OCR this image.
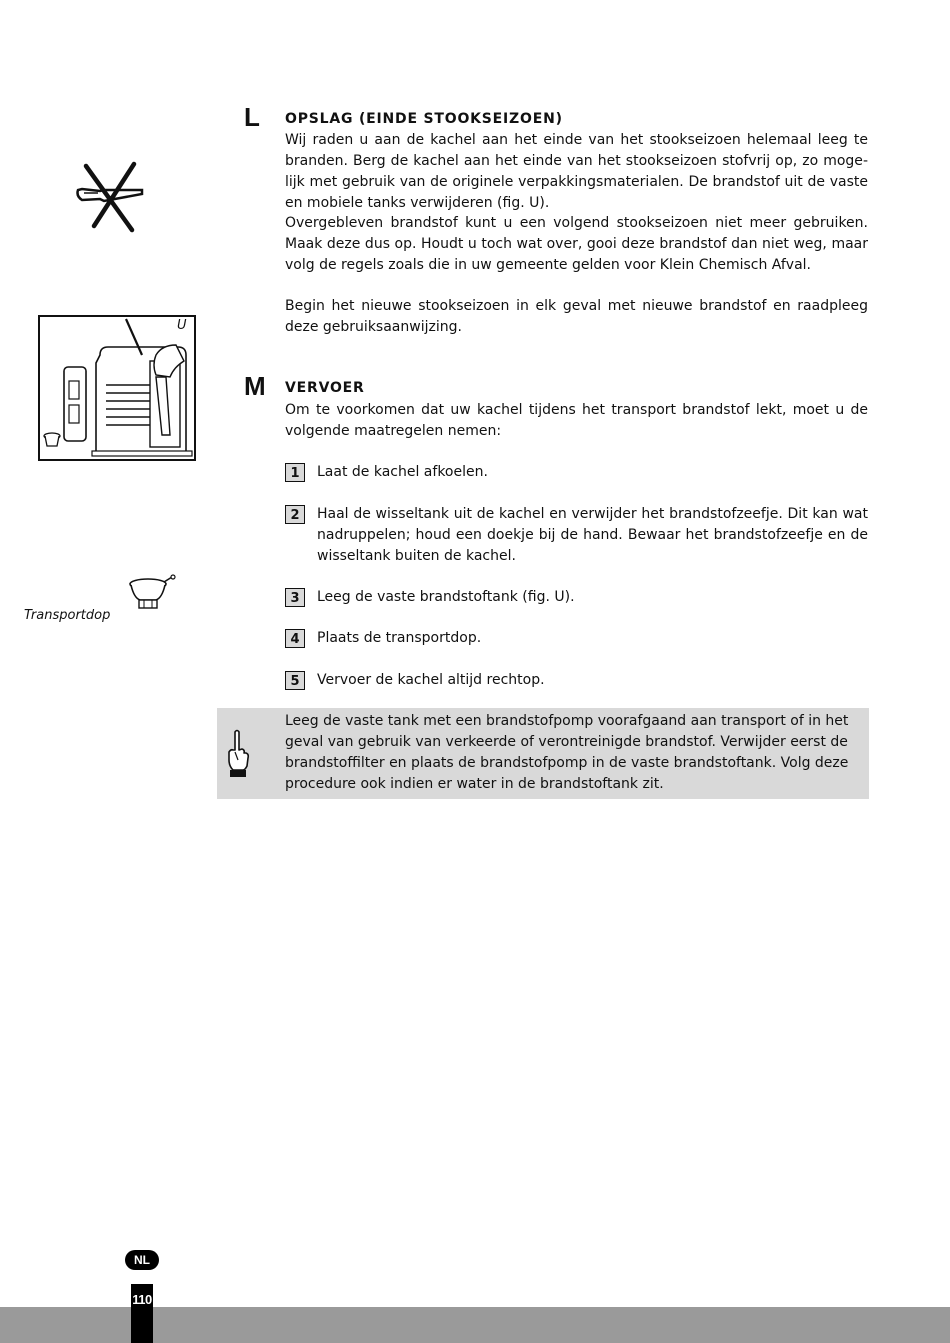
U
Transportdop
L OPSLAG (EINDE STOOKSEIZOEN)

Wij raden u aan de kachel aan het einde van het stookseizoen helemaal leeg te branden. Berg de kachel aan het einde van het stookseizoen stofvrij op, zo mogelijk met gebruik van de originele verpakkingsmaterialen. De brandstof uit de vaste en mobiele tanks verwijderen (fig. U).

Overgebleven brandstof kunt u een volgend stookseizoen niet meer gebruiken. Maak deze dus op. Houdt u toch wat over, gooi deze brandstof dan niet weg, maar volg de regels zoals die in uw gemeente gelden voor Klein Chemisch Afval.

Begin het nieuwe stookseizoen in elk geval met nieuwe brandstof en raadpleeg deze gebruiksaanwijzing.

M VERVOER

Om te voorkomen dat uw kachel tijdens het transport brandstof lekt, moet u de volgende maatregelen nemen:

1	Laat de kachel afkoelen.
2	Haal de wisseltank uit de kachel en verwijder het brandstofzeefje. Dit kan wat nadruppelen; houd een doekje bij de hand. Bewaar het brandstofzeefje en de wisseltank buiten de kachel.
3	Leeg de vaste brandstoftank (fig. U).
4	Plaats de transportdop.
5	Vervoer de kachel altijd rechtop.

Leeg de vaste tank met een brandstofpomp voorafgaand aan transport of in het geval van gebruik van verkeerde of verontreinigde brandstof. Verwijder eerst de brandstoffilter en plaats de brandstofpomp in de vaste brandstoftank. Volg deze procedure ook indien er water in de brandstoftank zit.

NL
110
